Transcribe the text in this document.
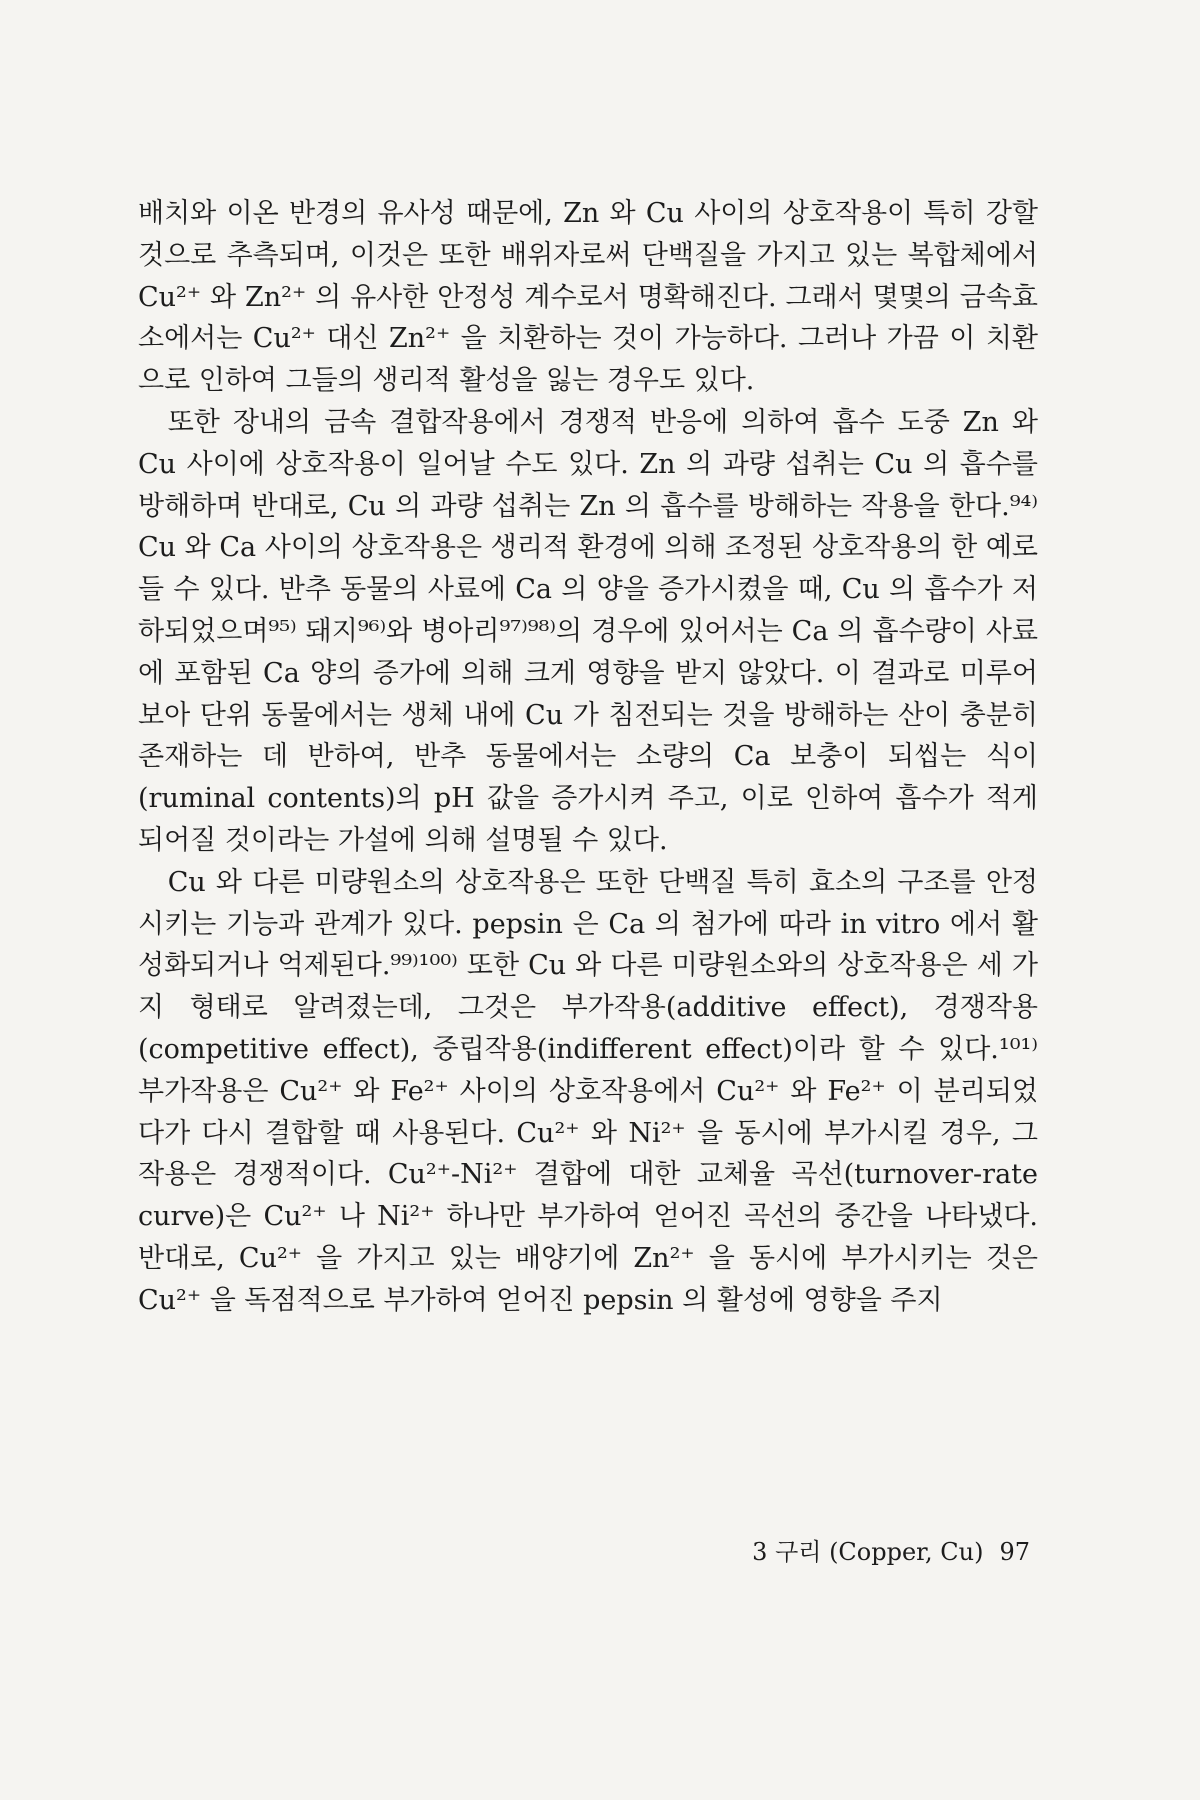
배치와 이온 반경의 유사성 때문에, Zn 와 Cu 사이의 상호작용이 특히 강할 것으로 추측되며, 이것은 또한 배위자로써 단백질을 가지고 있는 복합체에서 Cu²⁺ 와 Zn²⁺ 의 유사한 안정성 계수로서 명확해진다. 그래서 몇몇의 금속효소에서는 Cu²⁺ 대신 Zn²⁺ 을 치환하는 것이 가능하다. 그러나 가끔 이 치환으로 인하여 그들의 생리적 활성을 잃는 경우도 있다.

또한 장내의 금속 결합작용에서 경쟁적 반응에 의하여 흡수 도중 Zn 와 Cu 사이에 상호작용이 일어날 수도 있다. Zn 의 과량 섭취는 Cu 의 흡수를 방해하며 반대로, Cu 의 과량 섭취는 Zn 의 흡수를 방해하는 작용을 한다.⁹⁴⁾ Cu 와 Ca 사이의 상호작용은 생리적 환경에 의해 조정된 상호작용의 한 예로 들 수 있다. 반추 동물의 사료에 Ca 의 양을 증가시켰을 때, Cu 의 흡수가 저하되었으며⁹⁵⁾ 돼지⁹⁶⁾와 병아리⁹⁷⁾⁹⁸⁾의 경우에 있어서는 Ca 의 흡수량이 사료에 포함된 Ca 양의 증가에 의해 크게 영향을 받지 않았다. 이 결과로 미루어 보아 단위 동물에서는 생체 내에 Cu 가 침전되는 것을 방해하는 산이 충분히 존재하는 데 반하여, 반추 동물에서는 소량의 Ca 보충이 되씹는 식이(ruminal contents)의 pH 값을 증가시켜 주고, 이로 인하여 흡수가 적게 되어질 것이라는 가설에 의해 설명될 수 있다.

Cu 와 다른 미량원소의 상호작용은 또한 단백질 특히 효소의 구조를 안정시키는 기능과 관계가 있다. pepsin 은 Ca 의 첨가에 따라 in vitro 에서 활성화되거나 억제된다.⁹⁹⁾¹⁰⁰⁾ 또한 Cu 와 다른 미량원소와의 상호작용은 세 가지 형태로 알려졌는데, 그것은 부가작용(additive effect), 경쟁작용(competitive effect), 중립작용(indifferent effect)이라 할 수 있다.¹⁰¹⁾ 부가작용은 Cu²⁺ 와 Fe²⁺ 사이의 상호작용에서 Cu²⁺ 와 Fe²⁺ 이 분리되었다가 다시 결합할 때 사용된다. Cu²⁺ 와 Ni²⁺ 을 동시에 부가시킬 경우, 그 작용은 경쟁적이다. Cu²⁺-Ni²⁺ 결합에 대한 교체율 곡선(turnover-rate curve)은 Cu²⁺ 나 Ni²⁺ 하나만 부가하여 얻어진 곡선의 중간을 나타냈다. 반대로, Cu²⁺ 을 가지고 있는 배양기에 Zn²⁺ 을 동시에 부가시키는 것은 Cu²⁺ 을 독점적으로 부가하여 얻어진 pepsin 의 활성에 영향을 주지

3 구리 (Copper, Cu) 97
